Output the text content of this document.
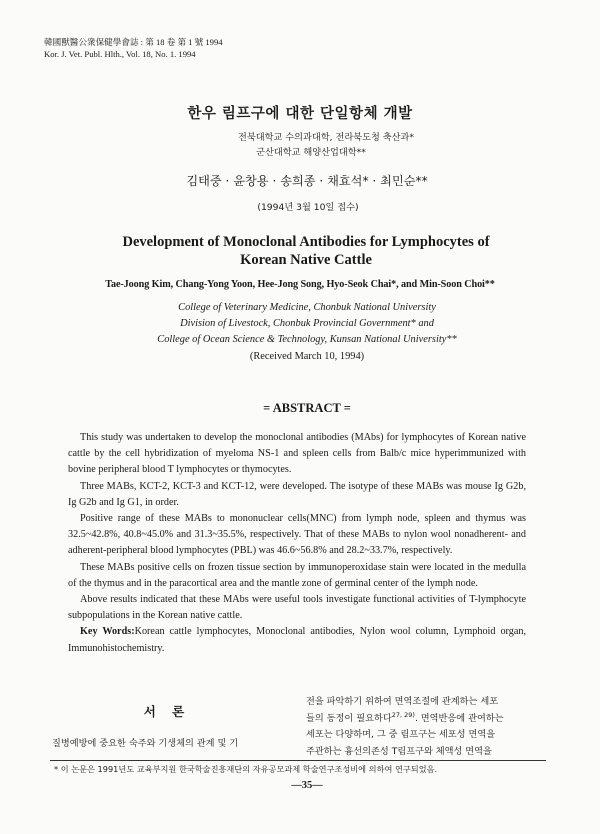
韓國獸醫公衆保健學會誌 : 第 18 卷 第 1 號 1994
Kor. J. Vet. Publ. Hlth., Vol. 18, No. 1. 1994
한우 림프구에 대한 단일항체 개발
전북대학교 수의과대학, 전라북도청 축산과*
군산대학교 해양산업대학**
김태중 · 윤창용 · 송희종 · 채효석* · 최민순**
(1994년 3월 10일 접수)
Development of Monoclonal Antibodies for Lymphocytes of
Korean Native Cattle
Tae-Joong Kim, Chang-Yong Yoon, Hee-Jong Song, Hyo-Seok Chai*, and Min-Soon Choi**
College of Veterinary Medicine, Chonbuk National University
Division of Livestock, Chonbuk Provincial Government* and
College of Ocean Science & Technology, Kunsan National University**
(Received March 10, 1994)
= ABSTRACT =

This study was undertaken to develop the monoclonal antibodies (MAbs) for lymphocytes of Korean native cattle by the cell hybridization of myeloma NS-1 and spleen cells from Balb/c mice hyperimmunized with bovine peripheral blood T lymphocytes or thymocytes.

Three MABs, KCT-2, KCT-3 and KCT-12, were developed. The isotype of these MABs was mouse Ig G2b, Ig G2b and Ig G1, in order.

Positive range of these MABs to mononuclear cells(MNC) from lymph node, spleen and thymus was 32.5~42.8%, 40.8~45.0% and 31.3~35.5%, respectively. That of these MABs to nylon wool nonadherent- and adherent-peripheral blood lymphocytes (PBL) was 46.6~56.8% and 28.2~33.7%, respectively.

These MABs positive cells on frozen tissue section by immunoperoxidase stain were located in the medulla of the thymus and in the paracortical area and the mantle zone of germinal center of the lymph node.

Above results indicated that these MAbs were useful tools investigate functional activities of T-lymphocyte subpopulations in the Korean native cattle.

Key Words:Korean cattle lymphocytes, Monoclonal antibodies, Nylon wool column, Lymphoid organ, Immunohistochemistry.

서 론

질병예방에 중요한 숙주와 기생체의 관계 및 기

전을 파악하기 위하여 면역조절에 관계하는 세포

들의 동정이 필요하다$^{27, 29)}$. 면역반응에 관여하는

세포는 다양하며, 그 중 림프구는 세포성 면역을

주관하는 흉선의존성 T림프구와 체액성 면역을

* 이 논문은 1991년도 교육부지원 한국학술진흥재단의 자유공모과제 학술연구조성비에 의하여 연구되었음.
—35—
